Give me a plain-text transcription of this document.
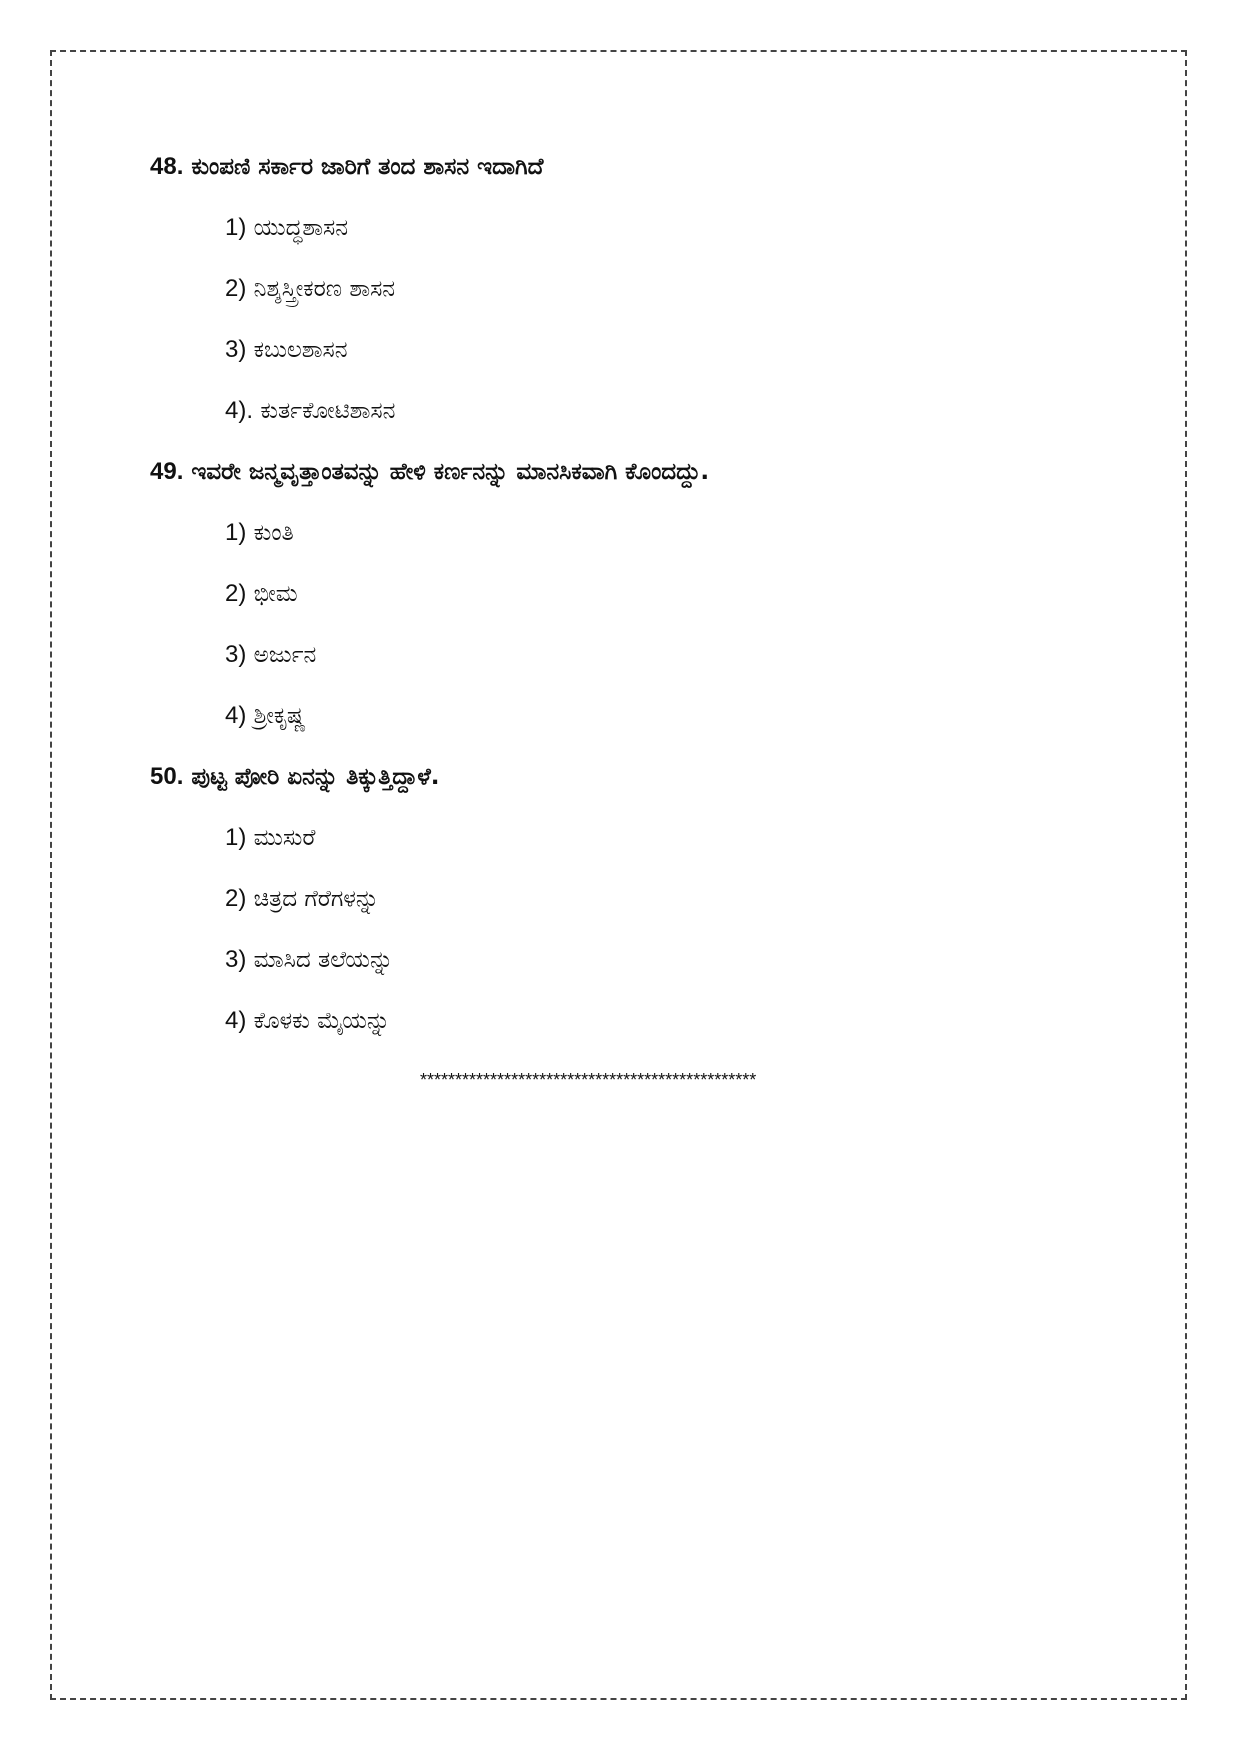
48. ಕುಂಪಣಿ ಸರ್ಕಾರ ಜಾರಿಗೆ ತಂದ ಶಾಸನ ಇದಾಗಿದೆ
1) ಯುದ್ಧಶಾಸನ
2) ನಿಶ್ಶಸ್ತ್ರೀಕರಣ ಶಾಸನ
3) ಕಬುಲಶಾಸನ
4). ಕುರ್ತಕೋಟಿಶಾಸನ
49. ಇವರೇ ಜನ್ಮವೃತ್ತಾಂತವನ್ನು ಹೇಳಿ ಕರ್ಣನನ್ನು ಮಾನಸಿಕವಾಗಿ ಕೊಂದದ್ದು.
1) ಕುಂತಿ
2) ಭೀಮ
3) ಅರ್ಜುನ
4) ಶ್ರೀಕೃಷ್ಣ
50. ಪುಟ್ಟ ಪೋರಿ ಏನನ್ನು ತಿಕ್ಕುತ್ತಿದ್ದಾಳೆ.
1) ಮುಸುರೆ
2) ಚಿತ್ರದ ಗೆರೆಗಳನ್ನು
3) ಮಾಸಿದ ತಲೆಯನ್ನು
4) ಕೊಳಕು ಮೈಯನ್ನು
************************************************
